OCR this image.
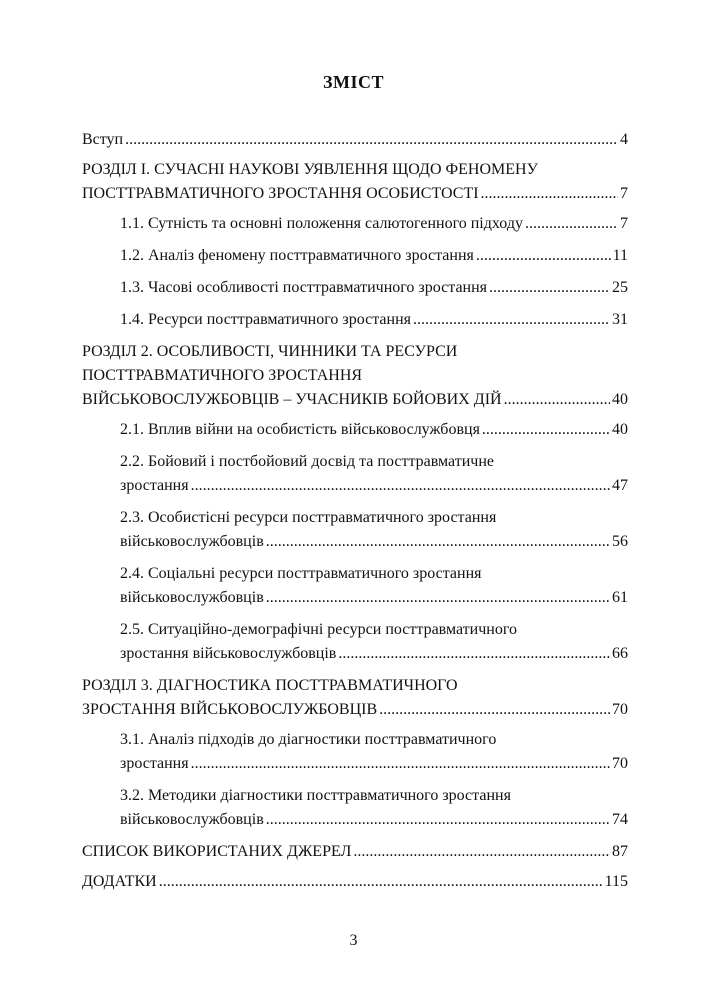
ЗМІСТ
Вступ .....	4
РОЗДІЛ І. СУЧАСНІ НАУКОВІ УЯВЛЕННЯ ЩОДО ФЕНОМЕНУ
ПОСТТРАВМАТИЧНОГО ЗРОСТАННЯ ОСОБИСТОСТІ .....	7
1.1. Сутність та основні положення салютогенного підходу .....	7
1.2. Аналіз феномену посттравматичного зростання .....	11
1.3. Часові особливості посттравматичного зростання .....	25
1.4. Ресурси посттравматичного зростання .....	31
РОЗДІЛ 2. ОСОБЛИВОСТІ, ЧИННИКИ ТА РЕСУРСИ
ПОСТТРАВМАТИЧНОГО ЗРОСТАННЯ
ВІЙСЬКОВОСЛУЖБОВЦІВ – УЧАСНИКІВ БОЙОВИХ ДІЙ .....	40
2.1. Вплив війни на особистість військовослужбовця .....	40
2.2. Бойовий і постбойовий досвід та посттравматичне
зростання .....	47
2.3. Особистісні ресурси посттравматичного зростання
військовослужбовців .....	56
2.4. Соціальні ресурси посттравматичного зростання
військовослужбовців .....	61
2.5. Ситуаційно-демографічні ресурси посттравматичного
зростання військовослужбовців .....	66
РОЗДІЛ 3. ДІАГНОСТИКА ПОСТТРАВМАТИЧНОГО
ЗРОСТАННЯ ВІЙСЬКОВОСЛУЖБОВЦІВ .....	70
3.1. Аналіз підходів до діагностики посттравматичного
зростання .....	70
3.2. Методики діагностики посттравматичного зростання
військовослужбовців .....	74
СПИСОК ВИКОРИСТАНИХ ДЖЕРЕЛ .....	87
ДОДАТКИ .....	115
3
